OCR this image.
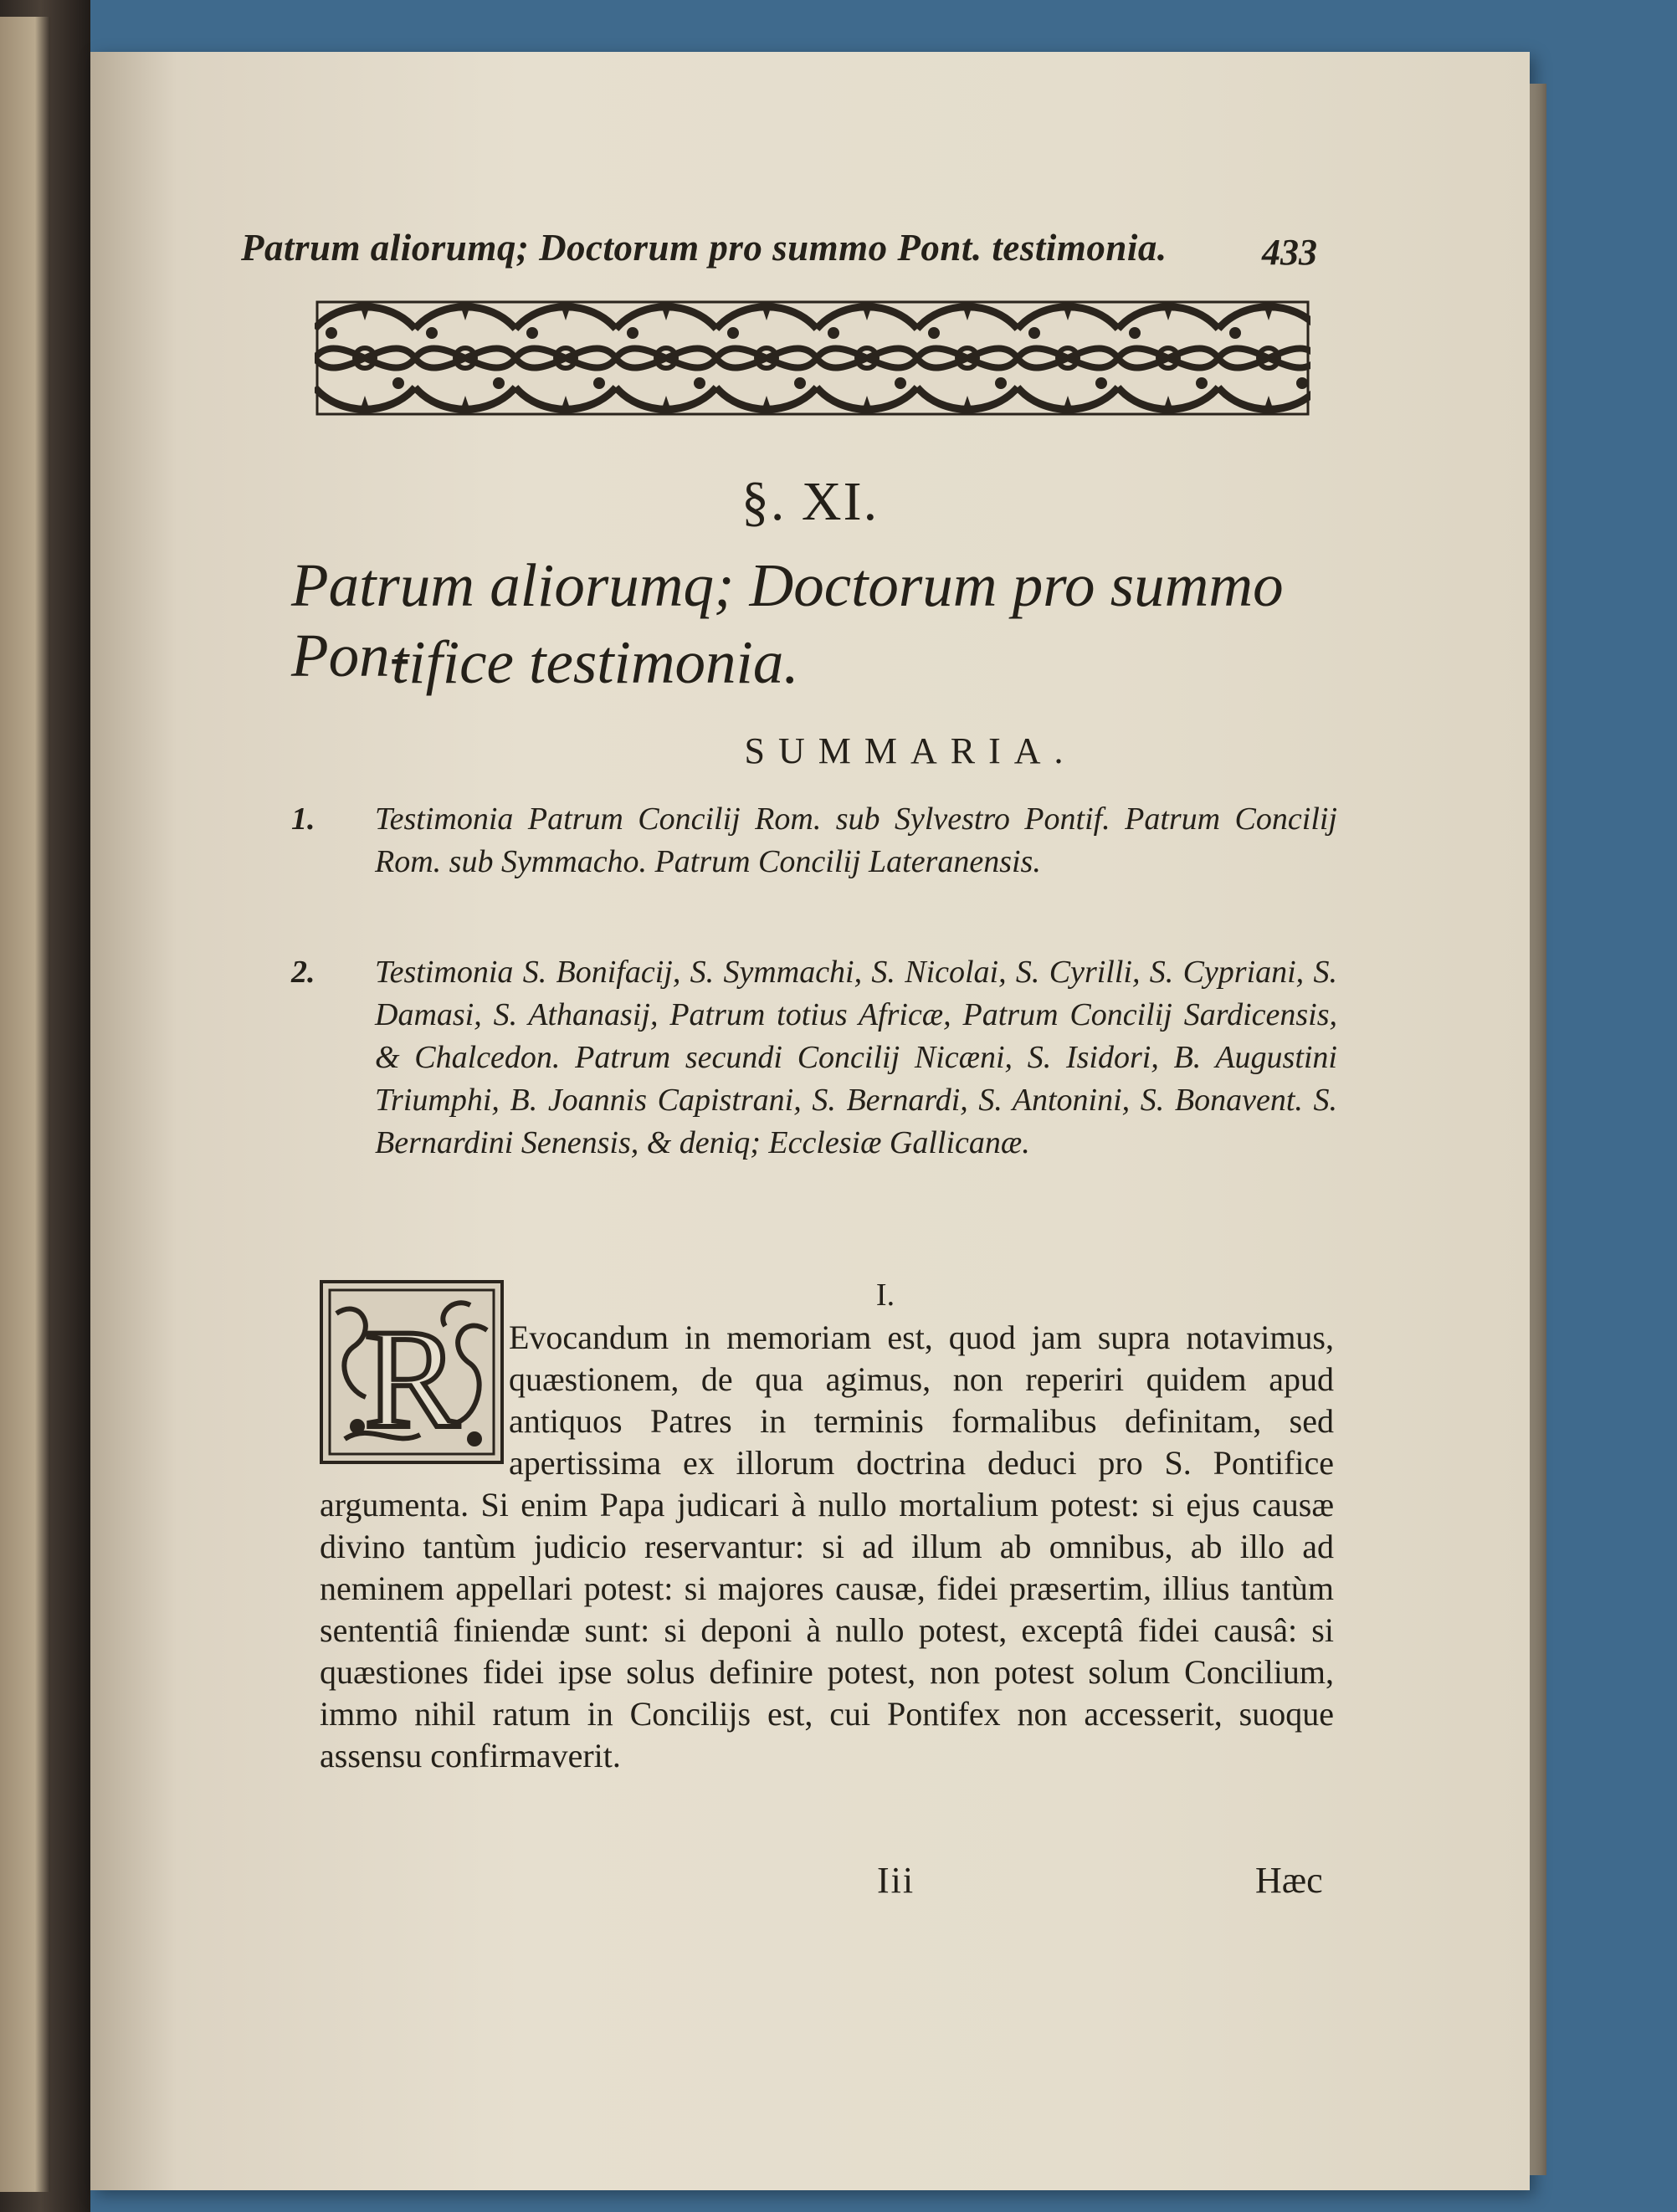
Patrum aliorumq; Doctorum pro summo Pont. testimonia.	433
§. XI.
Patrum aliorumq; Doctorum pro summo Pon-
tifice testimonia.
SUMMARIA.
1. Testimonia Patrum Concilij Rom. sub Sylvestro Pontif. Patrum Concilij Rom. sub Symmacho. Patrum Concilij Lateranensis.
2. Testimonia S. Bonifacij, S. Symmachi, S. Nicolai, S. Cyrilli, S. Cypriani, S. Damasi, S. Athanasij, Patrum totius Africæ, Patrum Concilij Sardicensis, & Chalcedon. Patrum secundi Concilij Nicæni, S. Isidori, B. Augustini Triumphi, B. Joannis Capistrani, S. Bernardi, S. Antonini, S. Bonavent. S. Bernardini Senensis, & deniq; Ecclesiæ Gallicanæ.
I.
R	Evocandum in memoriam est, quod jam supra notavimus, quæstionem, de qua agimus, non reperiri quidem apud antiquos Patres in terminis formalibus definitam, sed apertissima ex illorum doctrina deduci pro S. Pontifice argumenta. Si enim Papa judicari à nullo mortalium potest: si ejus causæ divino tantùm judicio reservantur: si ad illum ab omnibus, ab illo ad neminem appellari potest: si majores causæ, fidei præsertim, illius tantùm sententiâ finiendæ sunt: si deponi à nullo potest, exceptâ fidei causâ: si quæstiones fidei ipse solus definire potest, non potest solum Concilium, immo nihil ratum in Concilijs est, cui Pontifex non accesserit, suoque assensu confirmaverit.
Iii	Hæc
